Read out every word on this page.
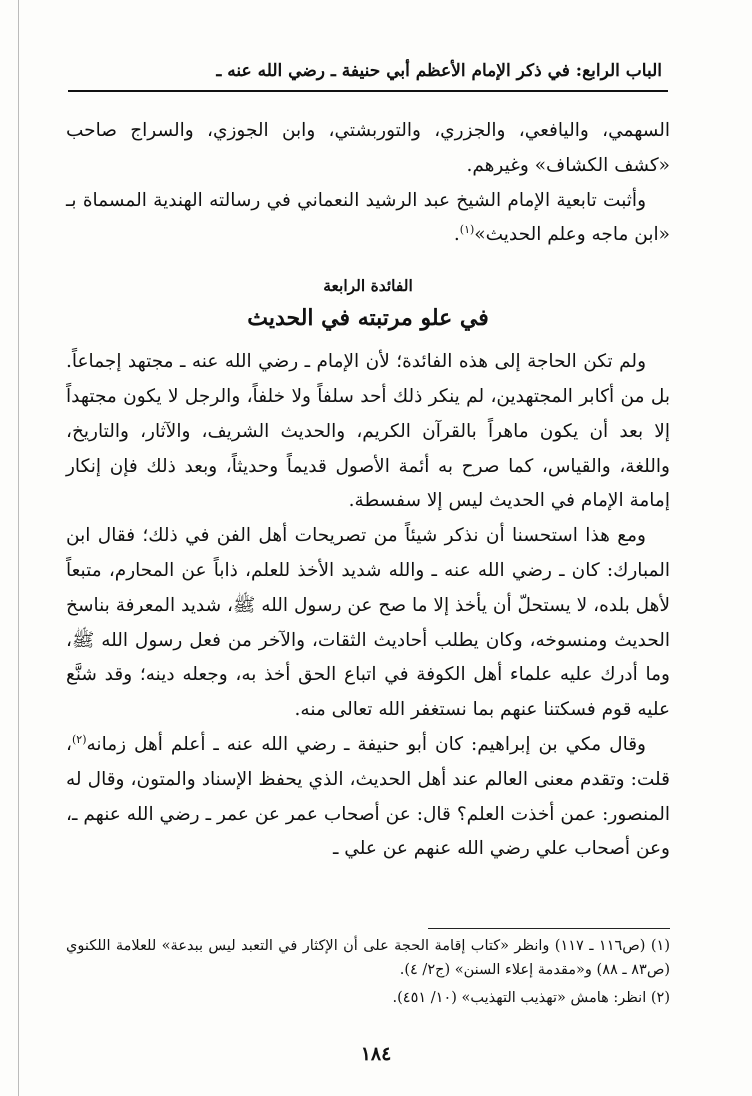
الباب الرابع: في ذكر الإمام الأعظم أبي حنيفة ـ رضي الله عنه ـ

السهمي، واليافعي، والجزري، والتوربشتي، وابن الجوزي، والسراج صاحب «كشف الكشاف» وغيرهم.

وأثبت تابعية الإمام الشيخ عبد الرشيد النعماني في رسالته الهندية المسماة بـ «ابن ماجه وعلم الحديث»$^{(١)}$.

الفائدة الرابعة
في علو مرتبته في الحديث

ولم تكن الحاجة إلى هذه الفائدة؛ لأن الإمام ـ رضي الله عنه ـ مجتهد إجماعاً. بل من أكابر المجتهدين، لم ينكر ذلك أحد سلفاً ولا خلفاً، والرجل لا يكون مجتهداً إلا بعد أن يكون ماهراً بالقرآن الكريم، والحديث الشريف، والآثار، والتاريخ، واللغة، والقياس، كما صرح به أئمة الأصول قديماً وحديثاً، وبعد ذلك فإن إنكار إمامة الإمام في الحديث ليس إلا سفسطة.

ومع هذا استحسنا أن نذكر شيئاً من تصريحات أهل الفن في ذلك؛ فقال ابن المبارك: كان ـ رضي الله عنه ـ والله شديد الأخذ للعلم، ذاباً عن المحارم، متبعاً لأهل بلده، لا يستحلّ أن يأخذ إلا ما صح عن رسول الله ﷺ، شديد المعرفة بناسخ الحديث ومنسوخه، وكان يطلب أحاديث الثقات، والآخر من فعل رسول الله ﷺ، وما أدرك عليه علماء أهل الكوفة في اتباع الحق أخذ به، وجعله دينه؛ وقد شنَّع عليه قوم فسكتنا عنهم بما نستغفر الله تعالى منه.

وقال مكي بن إبراهيم: كان أبو حنيفة ـ رضي الله عنه ـ أعلم أهل زمانه$^{(٢)}$، قلت: وتقدم معنى العالم عند أهل الحديث، الذي يحفظ الإسناد والمتون، وقال له المنصور: عمن أخذت العلم؟ قال: عن أصحاب عمر عن عمر ـ رضي الله عنهم ـ، وعن أصحاب علي رضي الله عنهم عن علي ـ

(١) (ص١١٦ ـ ١١٧) وانظر «كتاب إقامة الحجة على أن الإكثار في التعبد ليس ببدعة» للعلامة اللكنوي (ص٨٣ ـ ٨٨) و«مقدمة إعلاء السنن» (ج٢/ ٤).

(٢) انظر: هامش «تهذيب التهذيب» (١٠/ ٤٥١).

١٨٤
